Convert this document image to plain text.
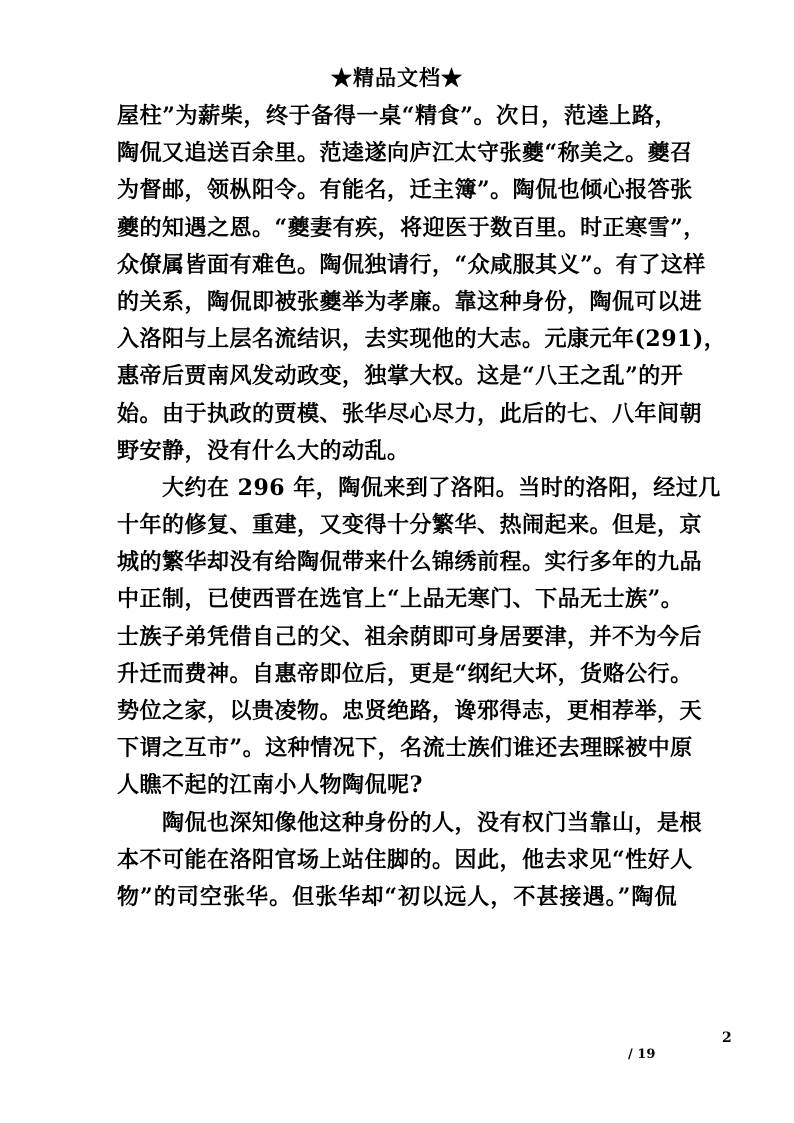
★精品文档★
屋柱”为薪柴，终于备得一桌“精食”。次日，范逵上路，
陶侃又追送百余里。范逵遂向庐江太守张夔“称美之。夔召
为督邮，领枞阳令。有能名，迁主簿”。陶侃也倾心报答张
夔的知遇之恩。“夔妻有疾，将迎医于数百里。时正寒雪”，
众僚属皆面有难色。陶侃独请行，“众咸服其义”。有了这样
的关系，陶侃即被张夔举为孝廉。靠这种身份，陶侃可以进
入洛阳与上层名流结识，去实现他的大志。元康元年(291)，
惠帝后贾南风发动政变，独掌大权。这是“八王之乱”的开
始。由于执政的贾模、张华尽心尽力，此后的七、八年间朝
野安静，没有什么大的动乱。
　　大约在 296 年，陶侃来到了洛阳。当时的洛阳，经过几
十年的修复、重建，又变得十分繁华、热闹起来。但是，京
城的繁华却没有给陶侃带来什么锦绣前程。实行多年的九品
中正制，已使西晋在选官上“上品无寒门、下品无士族”。
士族子弟凭借自己的父、祖余荫即可身居要津，并不为今后
升迁而费神。自惠帝即位后，更是“纲纪大坏，货赂公行。
势位之家，以贵凌物。忠贤绝路，谗邪得志，更相荐举，天
下谓之互市”。这种情况下，名流士族们谁还去理睬被中原
人瞧不起的江南小人物陶侃呢?
　　陶侃也深知像他这种身份的人，没有权门当靠山，是根
本不可能在洛阳官场上站住脚的。因此，他去求见“性好人
物”的司空张华。但张华却“初以远人，不甚接遇。”陶侃
2
/ 19
